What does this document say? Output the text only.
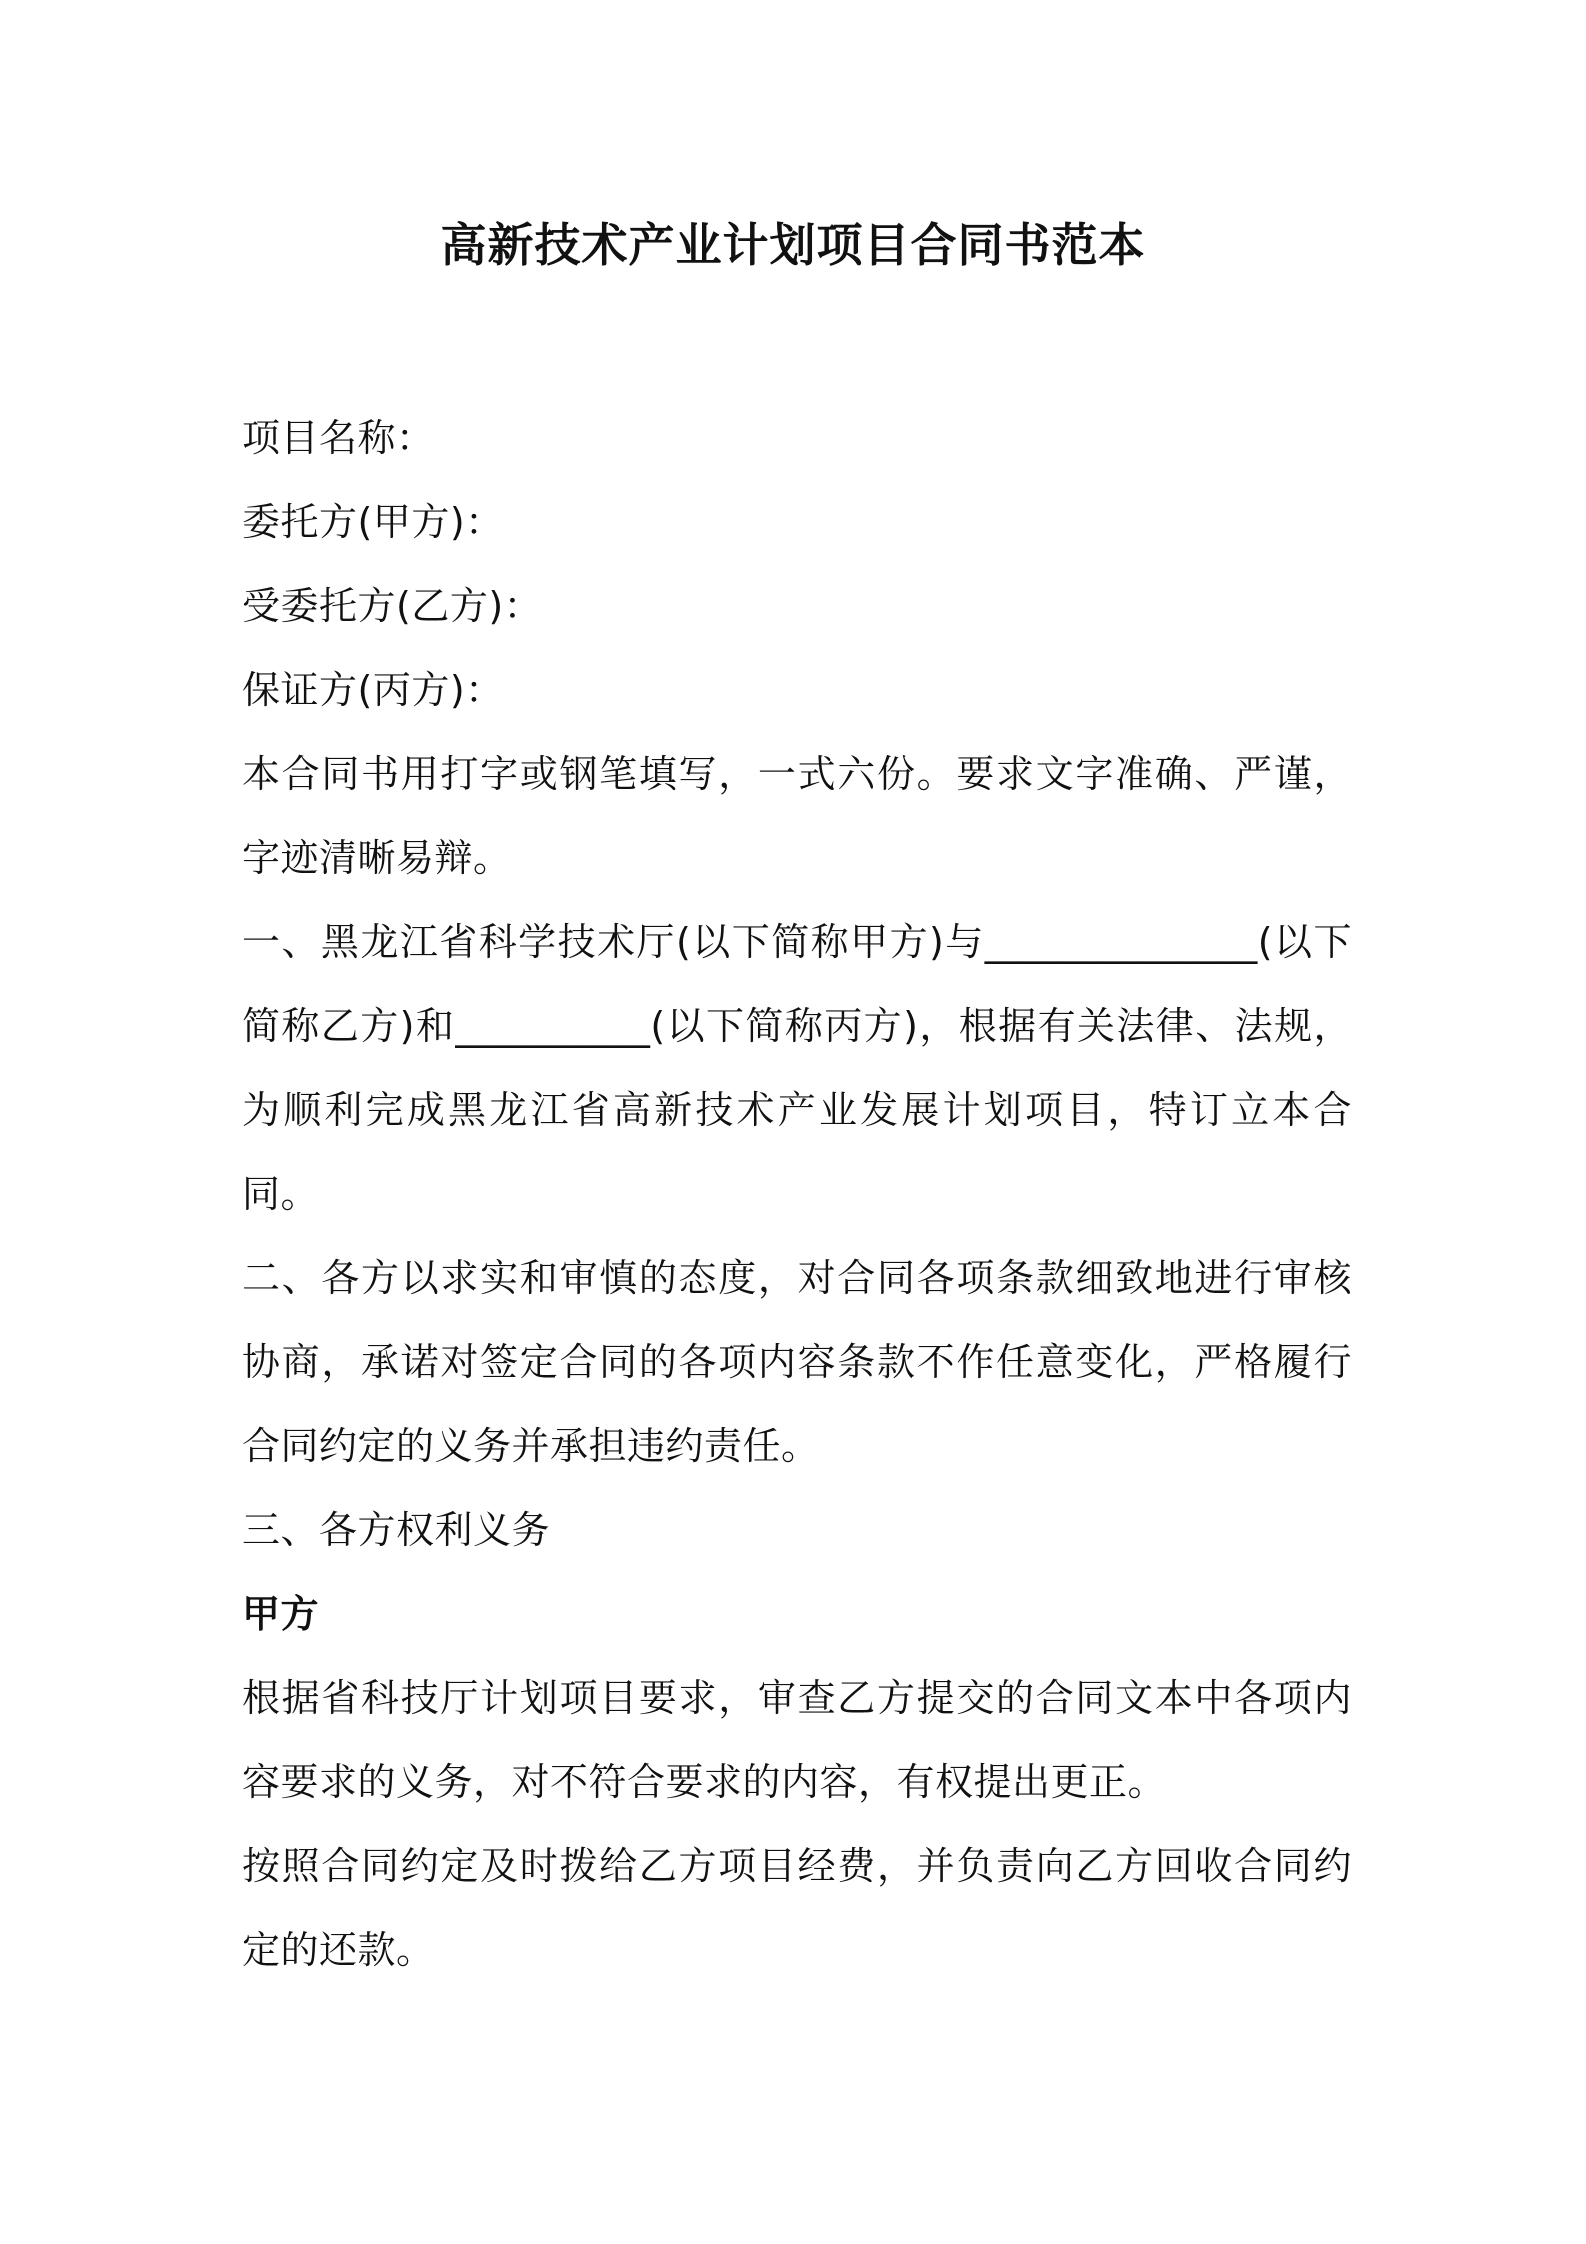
高新技术产业计划项目合同书范本
项目名称：
委托方(甲方)：
受委托方(乙方)：
保证方(丙方)：

本合同书用打字或钢笔填写，一式六份。要求文字准确、严谨，字迹清晰易辩。

一、黑龙江省科学技术厅(以下简称甲方)与______________(以下简称乙方)和__________(以下简称丙方)，根据有关法律、法规，为顺利完成黑龙江省高新技术产业发展计划项目，特订立本合同。

二、各方以求实和审慎的态度，对合同各项条款细致地进行审核协商，承诺对签定合同的各项内容条款不作任意变化，严格履行合同约定的义务并承担违约责任。

三、各方权利义务
甲方

根据省科技厅计划项目要求，审查乙方提交的合同文本中各项内容要求的义务，对不符合要求的内容，有权提出更正。

按照合同约定及时拨给乙方项目经费，并负责向乙方回收合同约定的还款。
